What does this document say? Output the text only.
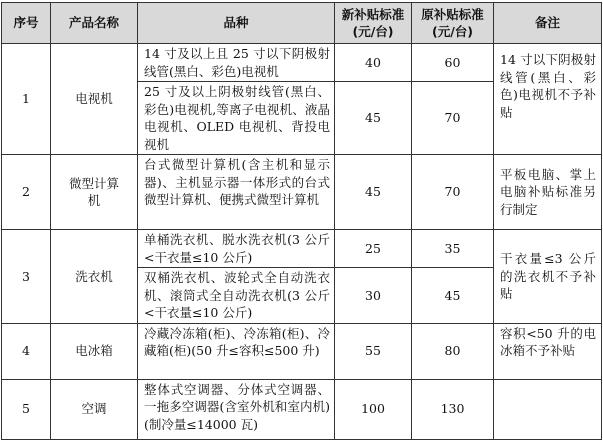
序号	产品名称	品种	新补贴标准(元/台)	原补贴标准(元/台)	备注
1	电视机	14 寸及以上且 25 寸以下阴极射线管(黑白、彩色)电视机	40	60	14 寸以下阴极射线管(黑白、彩色)电视机不予补贴
		25 寸及以上阴极射线管(黑白、彩色)电视机,等离子电视机、液晶电视机、OLED 电视机、背投电视机	45	70	
2	微型计算机	台式微型计算机(含主机和显示器)、主机显示器一体形式的台式微型计算机、便携式微型计算机	45	70	平板电脑、掌上电脑补贴标准另行制定
3	洗衣机	单桶洗衣机、脱水洗衣机(3 公斤<干衣量≤10 公斤)	25	35	干衣量≤3 公斤的洗衣机不予补贴
		双桶洗衣机、波轮式全自动洗衣机、滚筒式全自动洗衣机(3 公斤<干衣量≤10 公斤)	30	45	
4	电冰箱	冷藏冷冻箱(柜)、冷冻箱(柜)、冷藏箱(柜)(50 升≤容积≤500 升)	55	80	容积<50 升的电冰箱不予补贴
5	空调	整体式空调器、分体式空调器、一拖多空调器(含室外机和室内机)(制冷量≤14000 瓦)	100	130	
